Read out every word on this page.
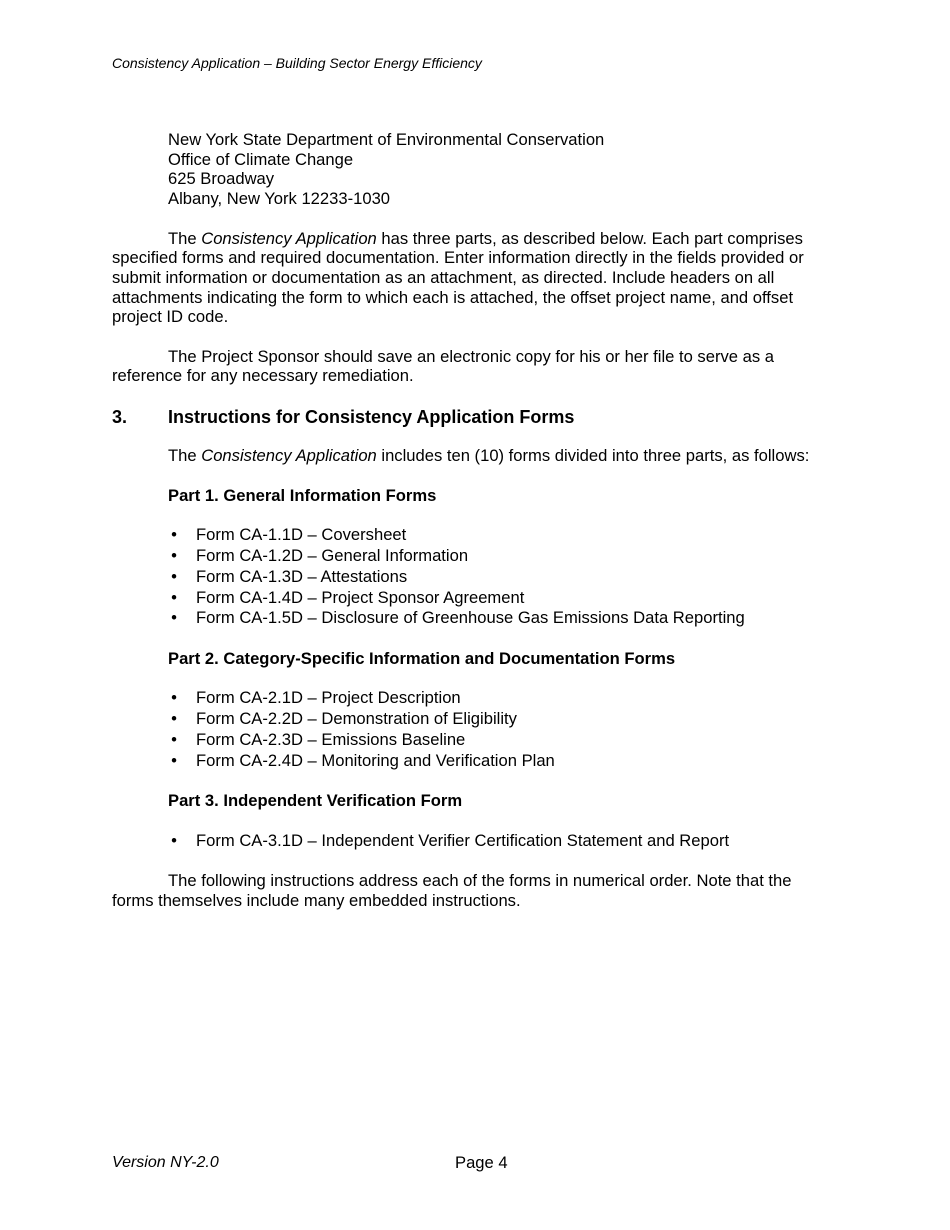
Consistency Application – Building Sector Energy Efficiency
New York State Department of Environmental Conservation
Office of Climate Change
625 Broadway
Albany, New York 12233-1030

The Consistency Application has three parts, as described below. Each part comprises specified forms and required documentation. Enter information directly in the fields provided or submit information or documentation as an attachment, as directed. Include headers on all attachments indicating the form to which each is attached, the offset project name, and offset project ID code.

The Project Sponsor should save an electronic copy for his or her file to serve as a reference for any necessary remediation.

3. Instructions for Consistency Application Forms
The Consistency Application includes ten (10) forms divided into three parts, as follows:
Part 1. General Information Forms
• Form CA-1.1D – Coversheet
• Form CA-1.2D – General Information
• Form CA-1.3D – Attestations
• Form CA-1.4D – Project Sponsor Agreement
• Form CA-1.5D – Disclosure of Greenhouse Gas Emissions Data Reporting
Part 2. Category-Specific Information and Documentation Forms
• Form CA-2.1D – Project Description
• Form CA-2.2D – Demonstration of Eligibility
• Form CA-2.3D – Emissions Baseline
• Form CA-2.4D – Monitoring and Verification Plan
Part 3. Independent Verification Form
• Form CA-3.1D – Independent Verifier Certification Statement and Report

The following instructions address each of the forms in numerical order. Note that the forms themselves include many embedded instructions.

Version NY-2.0	Page 4
